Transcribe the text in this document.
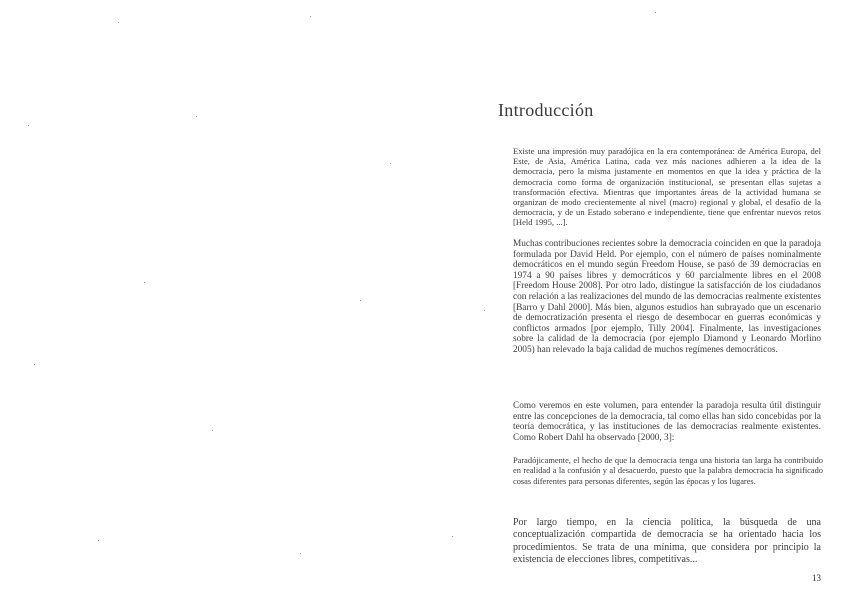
Introducción

Existe una impresión muy paradójica en la era contemporánea: de América Europa, del Este, de Asia, América Latina, cada vez más naciones adhieren a la idea de la democracia, pero la misma justamente en momentos en que la idea y práctica de la democracia como forma de organización institucional, se presentan ellas sujetas a transformación efectiva. Mientras que importantes áreas de la actividad humana se organizan de modo crecientemente al nivel (macro) regional y global, el desafío de la democracia, y de un Estado soberano e independiente, tiene que enfrentar nuevos retos [Held 1995, ...].

Muchas contribuciones recientes sobre la democracia coinciden en que la paradoja formulada por David Held. Por ejemplo, con el número de países nominalmente democráticos en el mundo según Freedom House, se pasó de 39 democracias en 1974 a 90 países libres y democráticos y 60 parcialmente libres en el 2008 [Freedom House 2008]. Por otro lado, distingue la satisfacción de los ciudadanos con relación a las realizaciones del mundo de las democracias realmente existentes [Barro y Dahl 2000]. Más bien, algunos estudios han subrayado que un escenario de democratización presenta el riesgo de desembocar en guerras económicas y conflictos armados [por ejemplo, Tilly 2004]. Finalmente, las investigaciones sobre la calidad de la democracia (por ejemplo Diamond y Leonardo Morlino 2005) han relevado la baja calidad de muchos regímenes democráticos.

Como veremos en este volumen, para entender la paradoja resulta útil distinguir entre las concepciones de la democracia, tal como ellas han sido concebidas por la teoría democrática, y las instituciones de las democracias realmente existentes. Como Robert Dahl ha observado [2000, 3]:

Paradójicamente, el hecho de que la democracia tenga una historia tan larga ha contribuido en realidad a la confusión y al desacuerdo, puesto que la palabra democracia ha significado cosas diferentes para personas diferentes, según las épocas y los lugares.

Por largo tiempo, en la ciencia política, la búsqueda de una conceptualización compartida de democracia se ha orientado hacia los procedimientos. Se trata de una mínima, que considera por principio la existencia de elecciones libres, competitivas...

13
